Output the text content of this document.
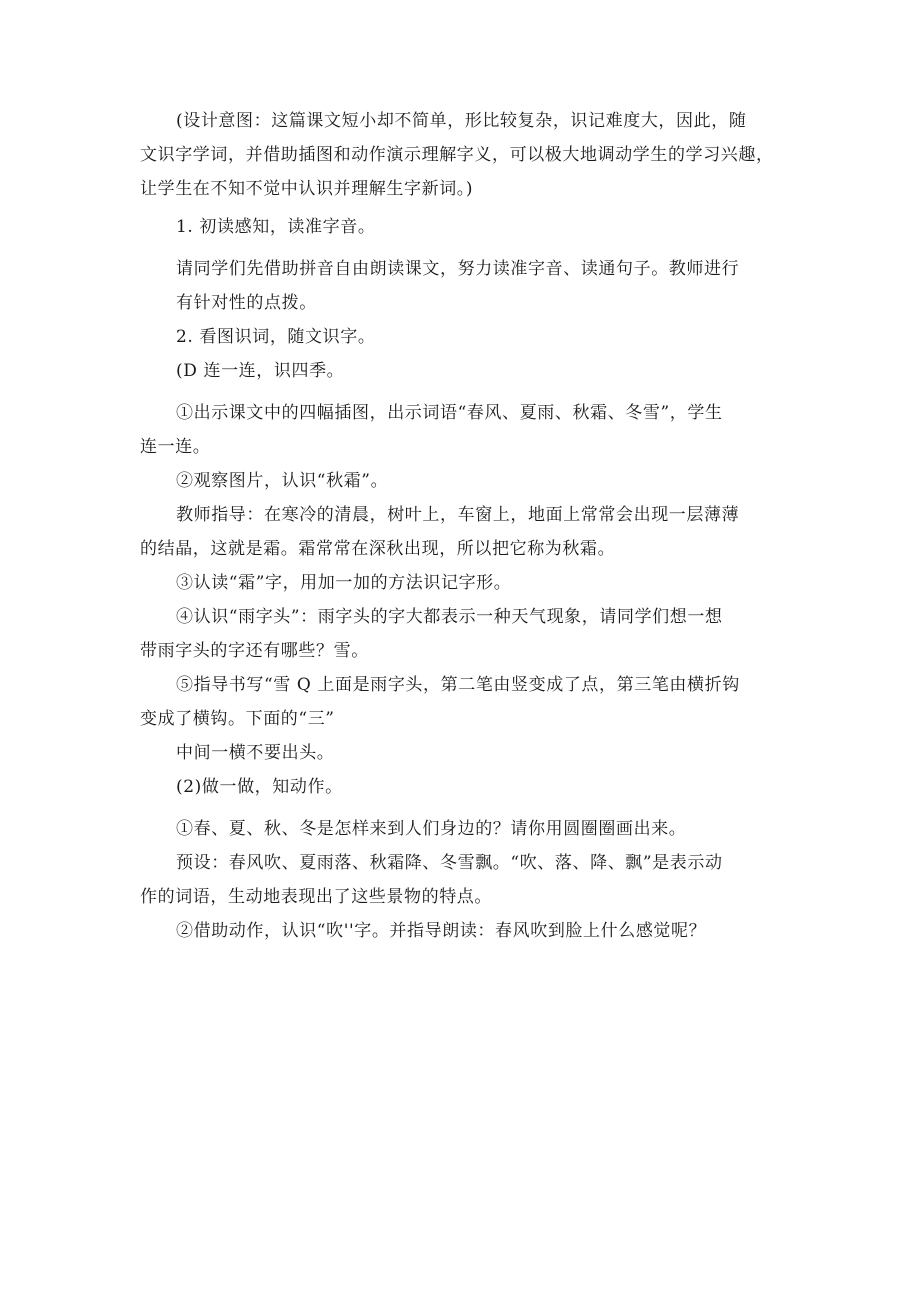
(设计意图：这篇课文短小却不简单，形比较复杂，识记难度大，因此，随
文识字学词，并借助插图和动作演示理解字义，可以极大地调动学生的学习兴趣，
让学生在不知不觉中认识并理解生字新词。)

1. 初读感知，读准字音。

请同学们先借助拼音自由朗读课文，努力读准字音、读通句子。教师进行
有针对性的点拨。

2. 看图识词，随文识字。

(D 连一连，识四季。

①出示课文中的四幅插图，出示词语“春风、夏雨、秋霜、冬雪”，学生
连一连。

②观察图片，认识“秋霜”。

教师指导：在寒冷的清晨，树叶上，车窗上，地面上常常会出现一层薄薄
的结晶，这就是霜。霜常常在深秋出现，所以把它称为秋霜。

③认读“霜”字，用加一加的方法识记字形。

④认识“雨字头”：雨字头的字大都表示一种天气现象，请同学们想一想
带雨字头的字还有哪些？雪。

⑤指导书写“雪 Q 上面是雨字头，第二笔由竖变成了点，第三笔由横折钩
变成了横钩。下面的“三”

中间一横不要出头。

(2)做一做，知动作。

①春、夏、秋、冬是怎样来到人们身边的？请你用圆圈圈画出来。

预设：春风吹、夏雨落、秋霜降、冬雪飘。“吹、落、降、飘”是表示动
作的词语，生动地表现出了这些景物的特点。

②借助动作，认识“吹''字。并指导朗读：春风吹到脸上什么感觉呢？
